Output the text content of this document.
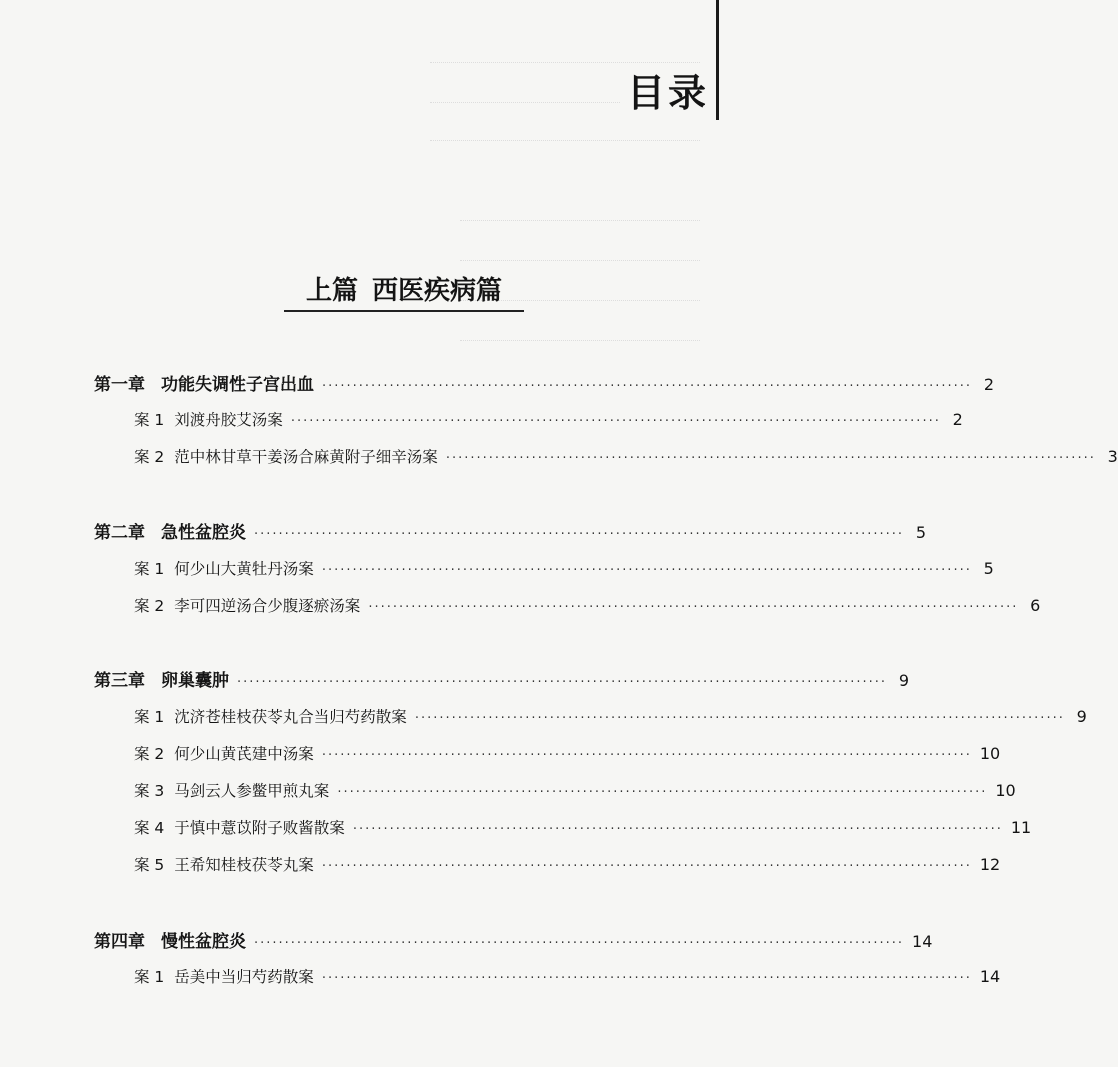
目录
上篇 西医疾病篇
第一章 功能失调性子宫出血 ·········································································································· 2
案 1 刘渡舟胶艾汤案 ·········································································································· 2
案 2 范中林甘草干姜汤合麻黄附子细辛汤案 ·········································································································· 3
第二章 急性盆腔炎 ·········································································································· 5
案 1 何少山大黄牡丹汤案 ·········································································································· 5
案 2 李可四逆汤合少腹逐瘀汤案 ·········································································································· 6
第三章 卵巢囊肿 ·········································································································· 9
案 1 沈济苍桂枝茯苓丸合当归芍药散案 ·········································································································· 9
案 2 何少山黄芪建中汤案 ·········································································································· 10
案 3 马剑云人参鳖甲煎丸案 ·········································································································· 10
案 4 于慎中薏苡附子败酱散案 ·········································································································· 11
案 5 王希知桂枝茯苓丸案 ·········································································································· 12
第四章 慢性盆腔炎 ·········································································································· 14
案 1 岳美中当归芍药散案 ·········································································································· 14
